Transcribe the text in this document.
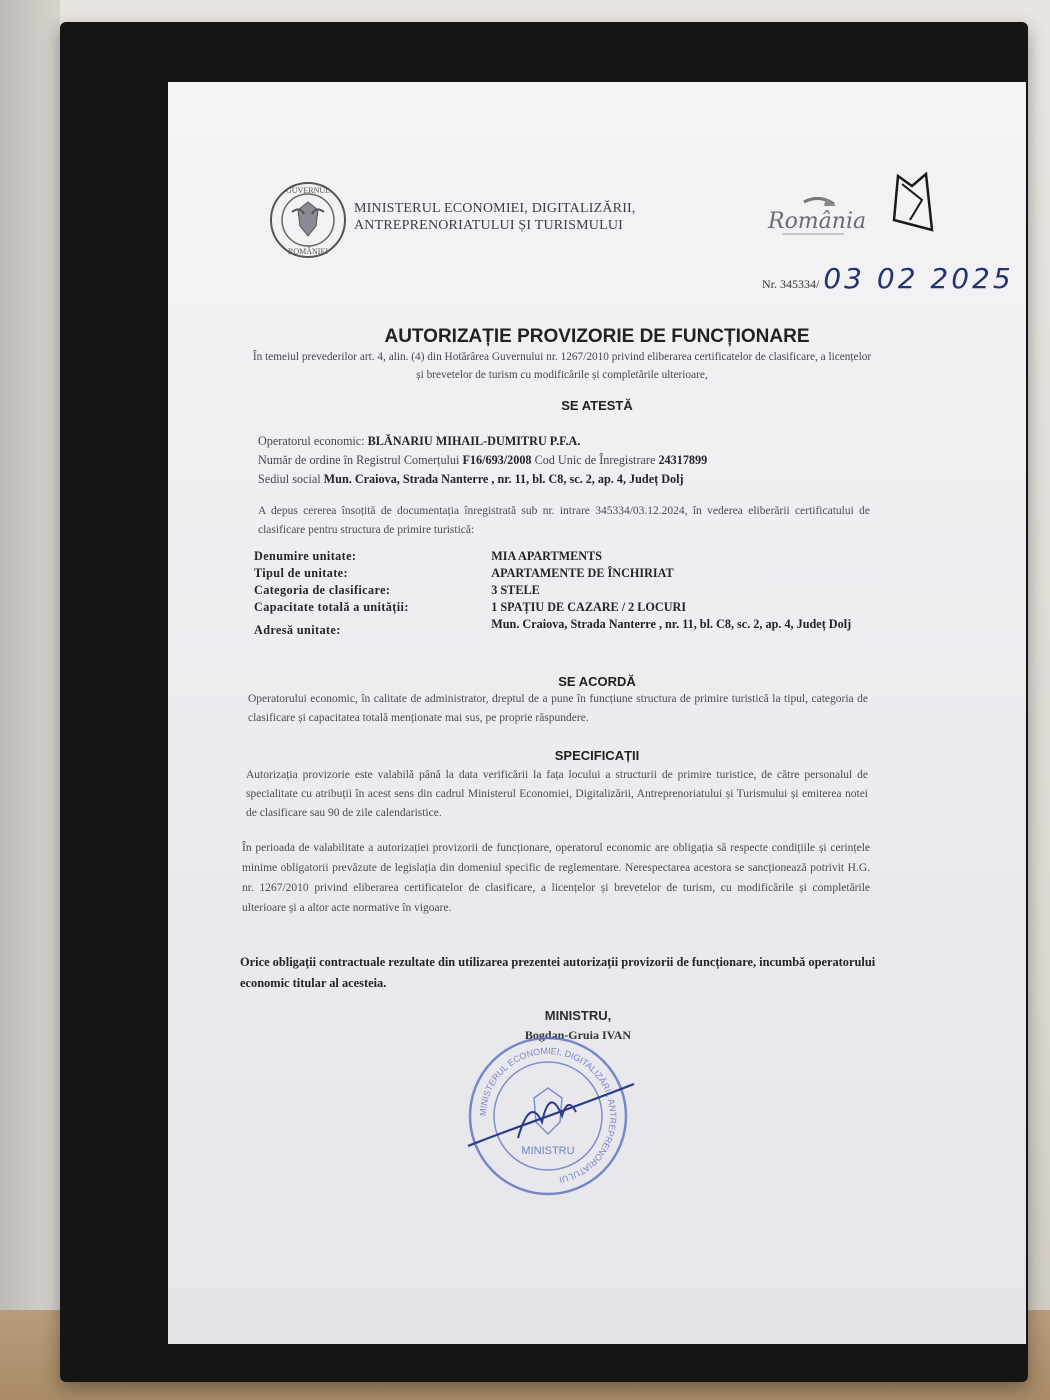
GUVERNUL
ROMÂNIEI
MINISTERUL ECONOMIEI, DIGITALIZĂRII,
ANTREPRENORIATULUI ȘI TURISMULUI	România
Nr. 345334/ 03 02 2025
AUTORIZAȚIE PROVIZORIE DE FUNCȚIONARE
În temeiul prevederilor art. 4, alin. (4) din Hotărârea Guvernului nr. 1267/2010 privind eliberarea certificatelor de clasificare, a licențelor și brevetelor de turism cu modificările și completările ulterioare,
SE ATESTĂ
Operatorul economic: BLĂNARIU MIHAIL-DUMITRU P.F.A.
Număr de ordine în Registrul Comerțului F16/693/2008 Cod Unic de Înregistrare 24317899
Sediul social Mun. Craiova, Strada Nanterre , nr. 11, bl. C8, sc. 2, ap. 4, Județ Dolj
A depus cererea însoțită de documentația înregistrată sub nr. intrare 345334/03.12.2024, în vederea eliberării certificatului de clasificare pentru structura de primire turistică:
Denumire unitate:	MIA APARTMENTS
Tipul de unitate:	APARTAMENTE DE ÎNCHIRIAT
Categoria de clasificare:	3 STELE
Capacitate totală a unității:	1 SPAȚIU DE CAZARE / 2 LOCURI
Adresă unitate:	Mun. Craiova, Strada Nanterre , nr. 11, bl. C8, sc. 2, ap. 4, Județ Dolj
SE ACORDĂ
Operatorului economic, în calitate de administrator, dreptul de a pune în funcțiune structura de primire turistică la tipul, categoria de clasificare și capacitatea totală menționate mai sus, pe proprie răspundere.
SPECIFICAȚII
Autorizația provizorie este valabilă până la data verificării la fața locului a structurii de primire turistice, de către personalul de specialitate cu atribuții în acest sens din cadrul Ministerul Economiei, Digitalizării, Antreprenoriatului și Turismului și emiterea notei de clasificare sau 90 de zile calendaristice.
În perioada de valabilitate a autorizației provizorii de funcționare, operatorul economic are obligația să respecte condițiile și cerințele minime obligatorii prevăzute de legislația din domeniul specific de reglementare. Nerespectarea acestora se sancționează potrivit H.G. nr. 1267/2010 privind eliberarea certificatelor de clasificare, a licențelor și brevetelor de turism, cu modificările și completările ulterioare și a altor acte normative în vigoare.
Orice obligații contractuale rezultate din utilizarea prezentei autorizații provizorii de funcționare, incumbă operatorului economic titular al acesteia.
MINISTRU,
Bogdan-Gruia IVAN
MINISTERUL ECONOMIEI, DIGITALIZĂRII, ANTREPRENORIATULUI
MINISTRU
